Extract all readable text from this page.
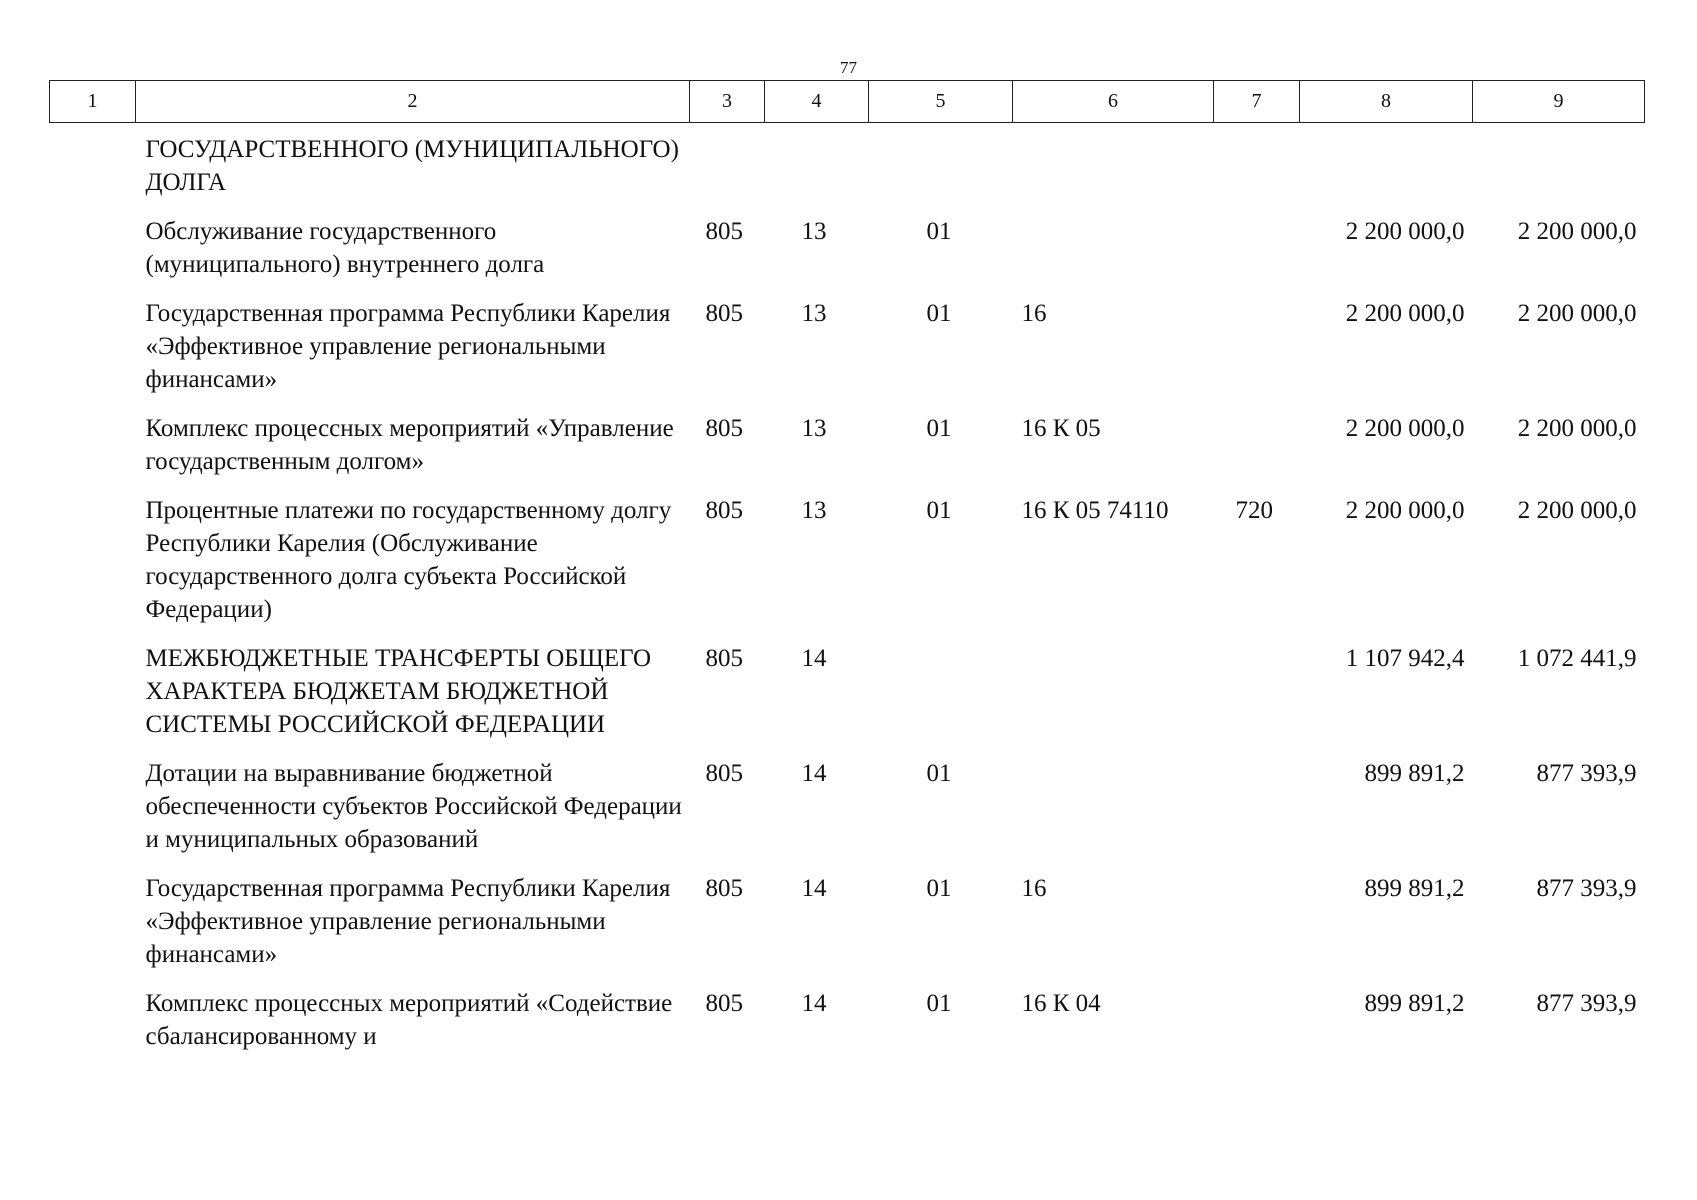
77
1	2	3	4	5	6	7	8	9
	ГОСУДАРСТВЕННОГО (МУНИЦИПАЛЬНОГО) ДОЛГА							
	Обслуживание государственного (муниципального) внутреннего долга	805	13	01			2 200 000,0	2 200 000,0
	Государственная программа Республики Карелия «Эффективное управление региональными финансами»	805	13	01	16		2 200 000,0	2 200 000,0
	Комплекс процессных мероприятий «Управление государственным долгом»	805	13	01	16 К 05		2 200 000,0	2 200 000,0
	Процентные платежи по государственному долгу Республики Карелия (Обслуживание государственного долга субъекта Российской Федерации)	805	13	01	16 К 05 74110	720	2 200 000,0	2 200 000,0
	МЕЖБЮДЖЕТНЫЕ ТРАНСФЕРТЫ ОБЩЕГО ХАРАКТЕРА БЮДЖЕТАМ БЮДЖЕТНОЙ СИСТЕМЫ РОССИЙСКОЙ ФЕДЕРАЦИИ	805	14				1 107 942,4	1 072 441,9
	Дотации на выравнивание бюджетной обеспеченности субъектов Российской Федерации и муниципальных образований	805	14	01			899 891,2	877 393,9
	Государственная программа Республики Карелия «Эффективное управление региональными финансами»	805	14	01	16		899 891,2	877 393,9
	Комплекс процессных мероприятий «Содействие сбалансированному и	805	14	01	16 К 04		899 891,2	877 393,9
